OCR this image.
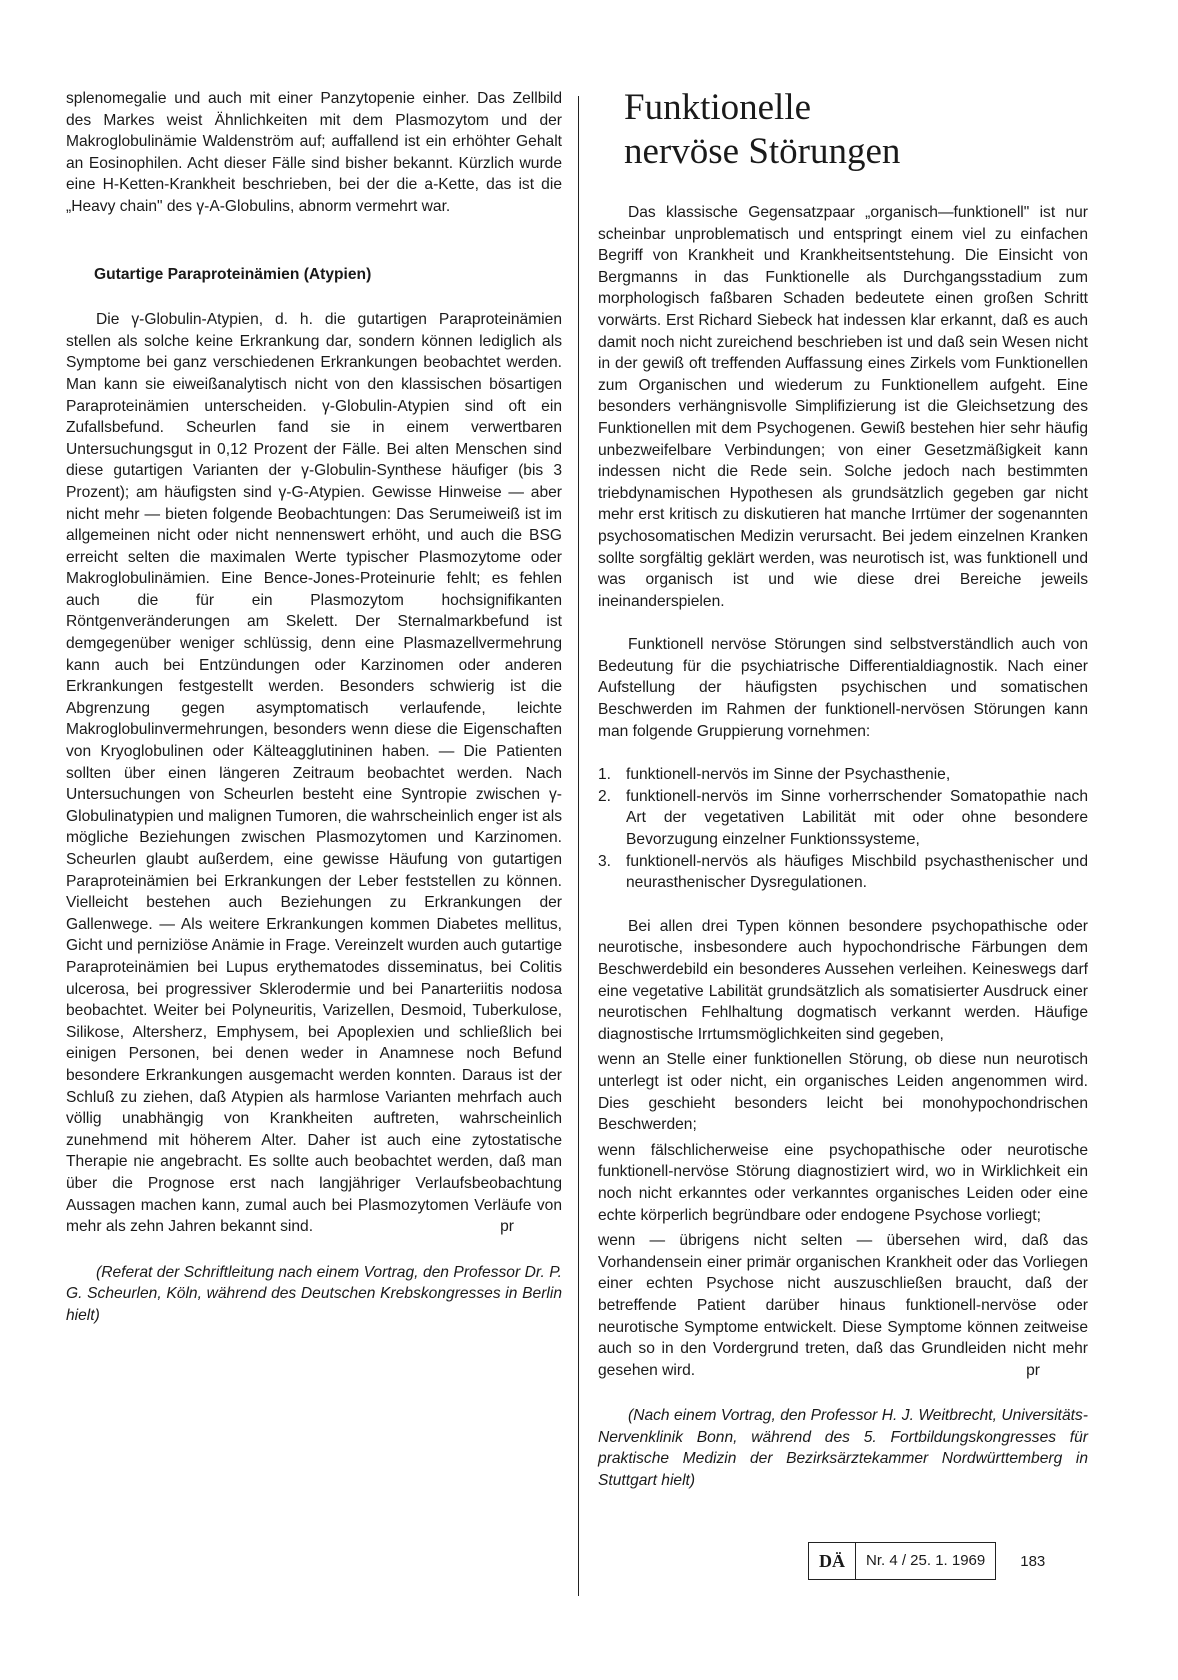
splenomegalie und auch mit einer Panzytopenie einher. Das Zellbild des Markes weist Ähnlichkeiten mit dem Plasmozytom und der Makroglobulinämie Waldenström auf; auffallend ist ein erhöhter Gehalt an Eosinophilen. Acht dieser Fälle sind bisher bekannt. Kürzlich wurde eine H-Ketten-Krankheit beschrieben, bei der die a-Kette, das ist die „Heavy chain" des γ-A-Globulins, abnorm vermehrt war.

Gutartige Paraproteinämien (Atypien)

Die γ-Globulin-Atypien, d. h. die gutartigen Paraproteinämien stellen als solche keine Erkrankung dar, sondern können lediglich als Symptome bei ganz verschiedenen Erkrankungen beobachtet werden. Man kann sie eiweißanalytisch nicht von den klassischen bösartigen Paraproteinämien unterscheiden. γ-Globulin-Atypien sind oft ein Zufallsbefund. Scheurlen fand sie in einem verwertbaren Untersuchungsgut in 0,12 Prozent der Fälle. Bei alten Menschen sind diese gutartigen Varianten der γ-Globulin-Synthese häufiger (bis 3 Prozent); am häufigsten sind γ-G-Atypien. Gewisse Hinweise — aber nicht mehr — bieten folgende Beobachtungen: Das Serumeiweiß ist im allgemeinen nicht oder nicht nennenswert erhöht, und auch die BSG erreicht selten die maximalen Werte typischer Plasmozytome oder Makroglobulinämien. Eine Bence-Jones-Proteinurie fehlt; es fehlen auch die für ein Plasmozytom hochsignifikanten Röntgenveränderungen am Skelett. Der Sternalmarkbefund ist demgegenüber weniger schlüssig, denn eine Plasmazellvermehrung kann auch bei Entzündungen oder Karzinomen oder anderen Erkrankungen festgestellt werden. Besonders schwierig ist die Abgrenzung gegen asymptomatisch verlaufende, leichte Makroglobulinvermehrungen, besonders wenn diese die Eigenschaften von Kryoglobulinen oder Kälteagglutininen haben. — Die Patienten sollten über einen längeren Zeitraum beobachtet werden. Nach Untersuchungen von Scheurlen besteht eine Syntropie zwischen γ-Globulinatypien und malignen Tumoren, die wahrscheinlich enger ist als mögliche Beziehungen zwischen Plasmozytomen und Karzinomen. Scheurlen glaubt außerdem, eine gewisse Häufung von gutartigen Paraproteinämien bei Erkrankungen der Leber feststellen zu können. Vielleicht bestehen auch Beziehungen zu Erkrankungen der Gallenwege. — Als weitere Erkrankungen kommen Diabetes mellitus, Gicht und perniziöse Anämie in Frage. Vereinzelt wurden auch gutartige Paraproteinämien bei Lupus erythematodes disseminatus, bei Colitis ulcerosa, bei progressiver Sklerodermie und bei Panarteriitis nodosa beobachtet. Weiter bei Polyneuritis, Varizellen, Desmoid, Tuberkulose, Silikose, Altersherz, Emphysem, bei Apoplexien und schließlich bei einigen Personen, bei denen weder in Anamnese noch Befund besondere Erkrankungen ausgemacht werden konnten. Daraus ist der Schluß zu ziehen, daß Atypien als harmlose Varianten mehrfach auch völlig unabhängig von Krankheiten auftreten, wahrscheinlich zunehmend mit höherem Alter. Daher ist auch eine zytostatische Therapie nie angebracht. Es sollte auch beobachtet werden, daß man über die Prognose erst nach langjähriger Verlaufsbeobachtung Aussagen machen kann, zumal auch bei Plasmozytomen Verläufe von mehr als zehn Jahren bekannt sind.	pr

(Referat der Schriftleitung nach einem Vortrag, den Professor Dr. P. G. Scheurlen, Köln, während des Deutschen Krebskongresses in Berlin hielt)

Funktionelle
nervöse Störungen

Das klassische Gegensatzpaar „organisch—funktionell" ist nur scheinbar unproblematisch und entspringt einem viel zu einfachen Begriff von Krankheit und Krankheitsentstehung. Die Einsicht von Bergmanns in das Funktionelle als Durchgangsstadium zum morphologisch faßbaren Schaden bedeutete einen großen Schritt vorwärts. Erst Richard Siebeck hat indessen klar erkannt, daß es auch damit noch nicht zureichend beschrieben ist und daß sein Wesen nicht in der gewiß oft treffenden Auffassung eines Zirkels vom Funktionellen zum Organischen und wiederum zu Funktionellem aufgeht. Eine besonders verhängnisvolle Simplifizierung ist die Gleichsetzung des Funktionellen mit dem Psychogenen. Gewiß bestehen hier sehr häufig unbezweifelbare Verbindungen; von einer Gesetzmäßigkeit kann indessen nicht die Rede sein. Solche jedoch nach bestimmten triebdynamischen Hypothesen als grundsätzlich gegeben gar nicht mehr erst kritisch zu diskutieren hat manche Irrtümer der sogenannten psychosomatischen Medizin verursacht. Bei jedem einzelnen Kranken sollte sorgfältig geklärt werden, was neurotisch ist, was funktionell und was organisch ist und wie diese drei Bereiche jeweils ineinanderspielen.

Funktionell nervöse Störungen sind selbstverständlich auch von Bedeutung für die psychiatrische Differentialdiagnostik. Nach einer Aufstellung der häufigsten psychischen und somatischen Beschwerden im Rahmen der funktionell-nervösen Störungen kann man folgende Gruppierung vornehmen:

1. funktionell-nervös im Sinne der Psychasthenie,
2. funktionell-nervös im Sinne vorherrschender Somatopathie nach Art der vegetativen Labilität mit oder ohne besondere Bevorzugung einzelner Funktionssysteme,
3. funktionell-nervös als häufiges Mischbild psychasthenischer und neurasthenischer Dysregulationen.

Bei allen drei Typen können besondere psychopathische oder neurotische, insbesondere auch hypochondrische Färbungen dem Beschwerdebild ein besonderes Aussehen verleihen. Keineswegs darf eine vegetative Labilität grundsätzlich als somatisierter Ausdruck einer neurotischen Fehlhaltung dogmatisch verkannt werden. Häufige diagnostische Irrtumsmöglichkeiten sind gegeben,

wenn an Stelle einer funktionellen Störung, ob diese nun neurotisch unterlegt ist oder nicht, ein organisches Leiden angenommen wird. Dies geschieht besonders leicht bei monohypochondrischen Beschwerden;

wenn fälschlicherweise eine psychopathische oder neurotische funktionell-nervöse Störung diagnostiziert wird, wo in Wirklichkeit ein noch nicht erkanntes oder verkanntes organisches Leiden oder eine echte körperlich begründbare oder endogene Psychose vorliegt;

wenn — übrigens nicht selten — übersehen wird, daß das Vorhandensein einer primär organischen Krankheit oder das Vorliegen einer echten Psychose nicht auszuschließen braucht, daß der betreffende Patient darüber hinaus funktionell-nervöse oder neurotische Symptome entwickelt. Diese Symptome können zeitweise auch so in den Vordergrund treten, daß das Grundleiden nicht mehr gesehen wird.	pr

(Nach einem Vortrag, den Professor H. J. Weitbrecht, Universitäts-Nervenklinik Bonn, während des 5. Fortbildungskongresses für praktische Medizin der Bezirksärztekammer Nordwürttemberg in Stuttgart hielt)

DÄ	Nr. 4 / 25. 1. 1969	183
